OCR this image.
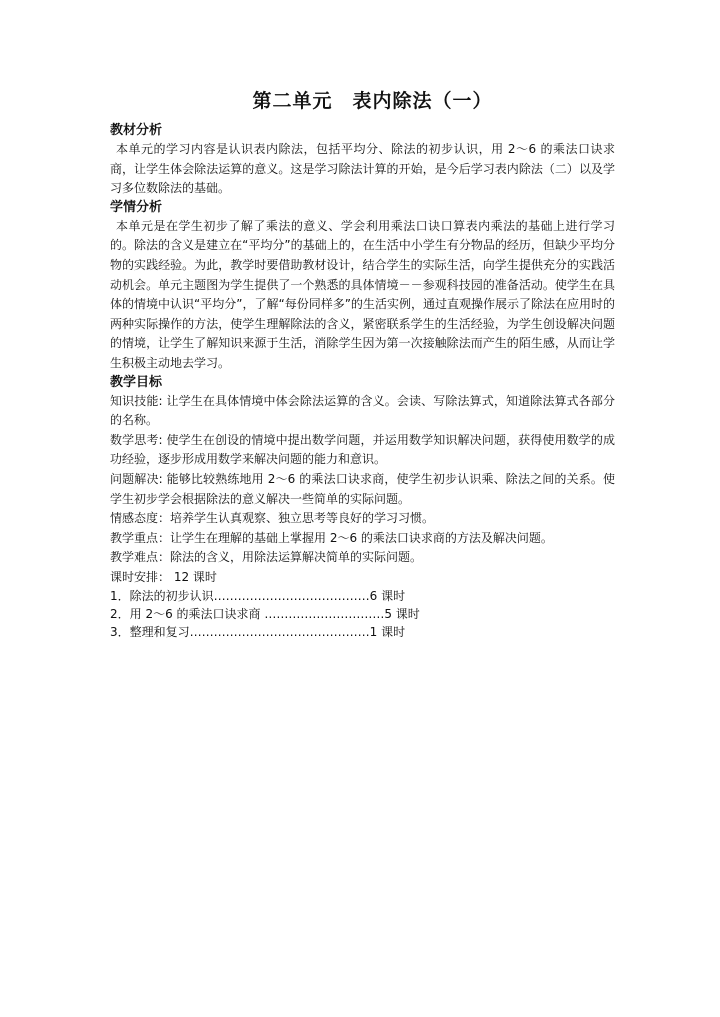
第二单元　表内除法（一）

教材分析

本单元的学习内容是认识表内除法，包括平均分、除法的初步认识，用 2～6 的乘法口诀求商，让学生体会除法运算的意义。这是学习除法计算的开始，是今后学习表内除法（二）以及学习多位数除法的基础。

学情分析

本单元是在学生初步了解了乘法的意义、学会利用乘法口诀口算表内乘法的基础上进行学习的。除法的含义是建立在“平均分”的基础上的，在生活中小学生有分物品的经历，但缺少平均分物的实践经验。为此，教学时要借助教材设计，结合学生的实际生活，向学生提供充分的实践活动机会。单元主题图为学生提供了一个熟悉的具体情境－－参观科技园的准备活动。使学生在具体的情境中认识“平均分”，了解“每份同样多”的生活实例，通过直观操作展示了除法在应用时的两种实际操作的方法，使学生理解除法的含义，紧密联系学生的生活经验，为学生创设解决问题的情境，让学生了解知识来源于生活，消除学生因为第一次接触除法而产生的陌生感，从而让学生积极主动地去学习。

教学目标

知识技能: 让学生在具体情境中体会除法运算的含义。会读、写除法算式，知道除法算式各部分的名称。

数学思考: 使学生在创设的情境中提出数学问题，并运用数学知识解决问题，获得使用数学的成功经验，逐步形成用数学来解决问题的能力和意识。

问题解决: 能够比较熟练地用 2～6 的乘法口诀求商，使学生初步认识乘、除法之间的关系。使学生初步学会根据除法的意义解决一些简单的实际问题。

情感态度：培养学生认真观察、独立思考等良好的学习习惯。

教学重点：让学生在理解的基础上掌握用 2～6 的乘法口诀求商的方法及解决问题。

教学难点：除法的含义，用除法运算解决简单的实际问题。

课时安排： 12 课时

1．除法的初步认识…………………………………6 课时

2．用 2～6 的乘法口诀求商 …………………………5 课时

3．整理和复习………………………………………1 课时
